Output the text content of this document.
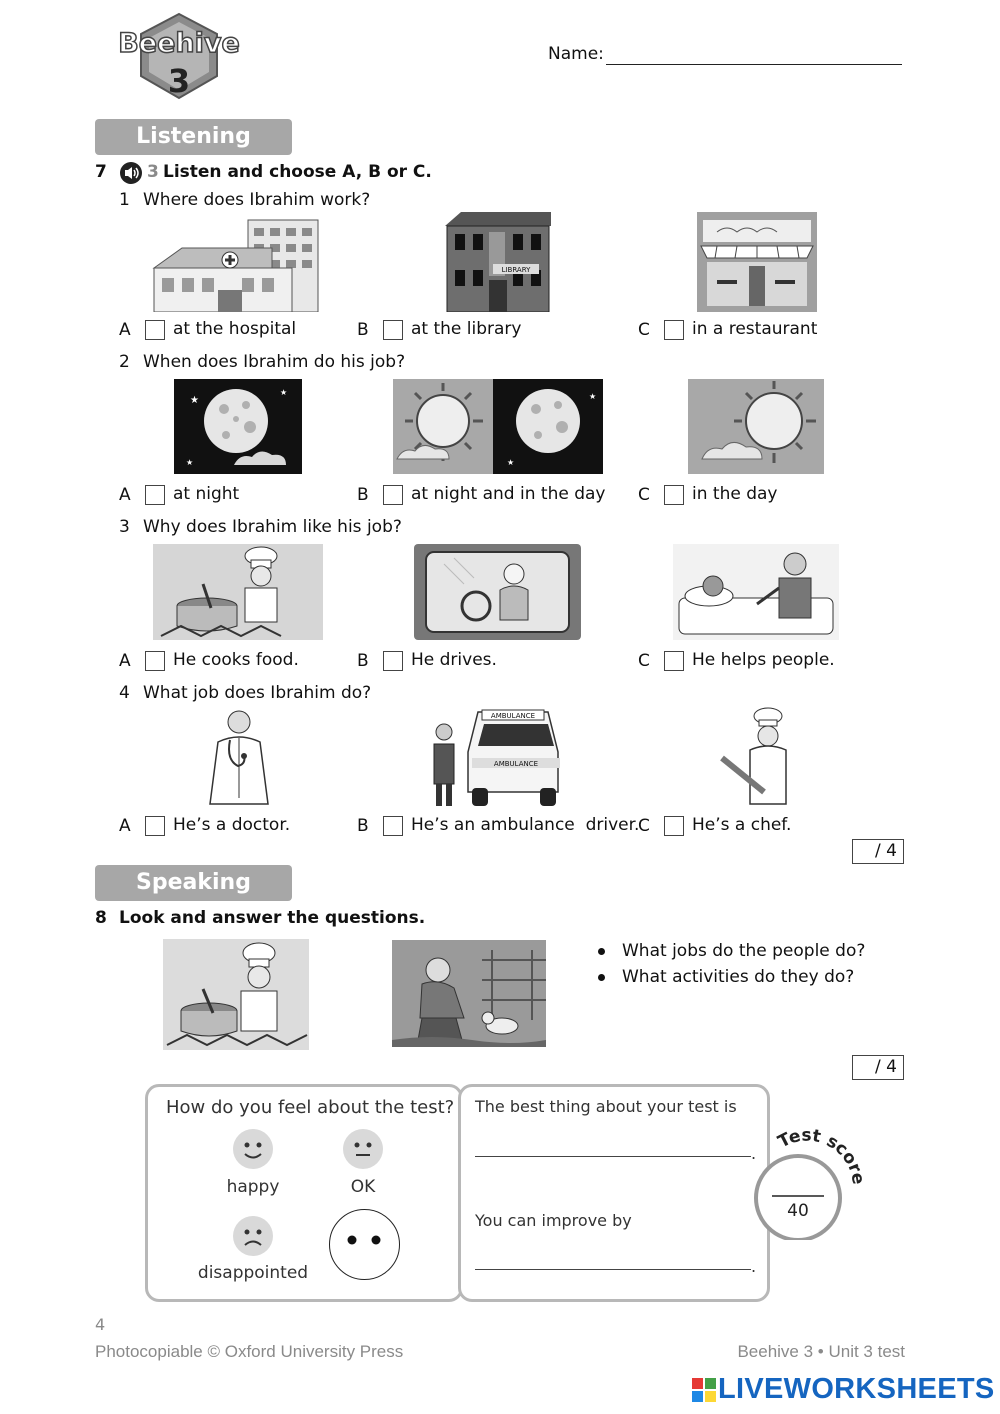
Beehive
3
Name:
Listening
7 3 Listen and choose A, B or C.
1 Where does Ibrahim work?
LIBRARY
A at the hospital	B at the library	C in a restaurant
2 When does Ibrahim do his job?
★
★
★	★
★
A at night	B at night and in the day C in the day
3 Why does Ibrahim like his job?
A He cooks food.	B He drives.	C He helps people.
4 What job does Ibrahim do?
AMBULANCE
AMBULANCE
A He’s a doctor.	B He’s an ambulance  driver.
C He’s a chef.
/ 4
Speaking
8 Look and answer the questions.
What jobs do the people do?
What activities do they do?
/ 4
How do you feel about the test?
happy	OK
disappointed
The best thing about your test is
.
You can improve by
.
Test sco
40
4
Photocopiable © Oxford University Press	Beehive 3 • Unit 3 test
LIVEWORKSHEETS
